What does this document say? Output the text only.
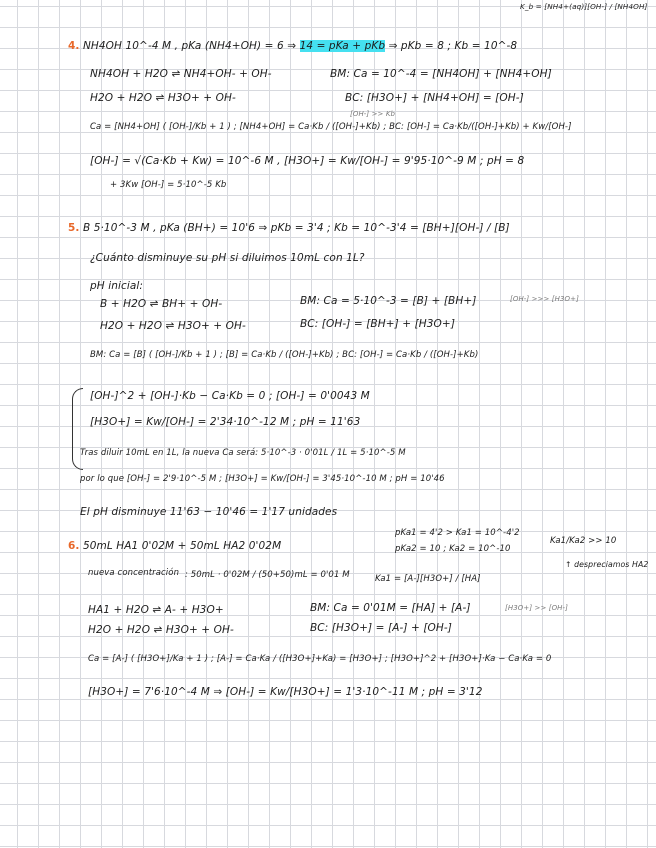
K_b = [NH4+(aq)][OH-] / [NH4OH]
4. NH4OH 10^-4 M , pKa (NH4+OH) = 6 ⇒ 14 = pKa + pKb ⇒ pKb = 8 ; Kb = 10^-8
NH4OH + H2O ⇌ NH4+OH- + OH-	BM: Ca = 10^-4 = [NH4OH] + [NH4+OH]
H2O + H2O ⇌ H3O+ + OH-	BC: [H3O+] + [NH4+OH] = [OH-]
[OH-] >> Kb
Ca = [NH4+OH] ( [OH-]/Kb + 1 ) ; [NH4+OH] = Ca·Kb / ([OH-]+Kb) ; BC: [OH-] = Ca·Kb/([OH-]+Kb) + Kw/[OH-]
[OH-] = √(Ca·Kb + Kw) = 10^-6 M , [H3O+] = Kw/[OH-] = 9'95·10^-9 M ; pH = 8
+ 3Kw [OH-] = 5·10^-5 Kb
5. B 5·10^-3 M , pKa (BH+) = 10'6 ⇒ pKb = 3'4 ; Kb = 10^-3'4 = [BH+][OH-] / [B]
¿Cuánto disminuye su pH si diluimos 10mL con 1L?
pH inicial:
B + H2O ⇌ BH+ + OH-	BM: Ca = 5·10^-3 = [B] + [BH+]	[OH-] >>> [H3O+]
H2O + H2O ⇌ H3O+ + OH-	BC: [OH-] = [BH+] + [H3O+]
BM: Ca = [B] ( [OH-]/Kb + 1 ) ; [B] = Ca·Kb / ([OH-]+Kb) ; BC: [OH-] = Ca·Kb / ([OH-]+Kb)
[OH-]^2 + [OH-]·Kb − Ca·Kb = 0 ; [OH-] = 0'0043 M
[H3O+] = Kw/[OH-] = 2'34·10^-12 M ; pH = 11'63
Tras diluir 10mL en 1L, la nueva Ca será: 5·10^-3 · 0'01L / 1L = 5·10^-5 M
por lo que [OH-] = 2'9·10^-5 M ; [H3O+] = Kw/[OH-] = 3'45·10^-10 M ; pH = 10'46
El pH disminuye 11'63 − 10'46 = 1'17 unidades
6. 50mL HA1 0'02M + 50mL HA2 0'02M
pKa1 = 4'2 > Ka1 = 10^-4'2
pKa2 = 10 ; Ka2 = 10^-10
Ka1/Ka2 >> 10
↑ despreciamos HA2
nueva concentración : 50mL · 0'02M / (50+50)mL = 0'01 M	Ka1 = [A-][H3O+] / [HA]
HA1 + H2O ⇌ A- + H3O+	BM: Ca = 0'01M = [HA] + [A-]	[H3O+] >> [OH-]
H2O + H2O ⇌ H3O+ + OH-	BC: [H3O+] = [A-] + [OH-]
Ca = [A-] ( [H3O+]/Ka + 1 ) ; [A-] = Ca·Ka / ([H3O+]+Ka) = [H3O+] ; [H3O+]^2 + [H3O+]·Ka − Ca·Ka = 0
[H3O+] = 7'6·10^-4 M ⇒ [OH-] = Kw/[H3O+] = 1'3·10^-11 M ; pH = 3'12
